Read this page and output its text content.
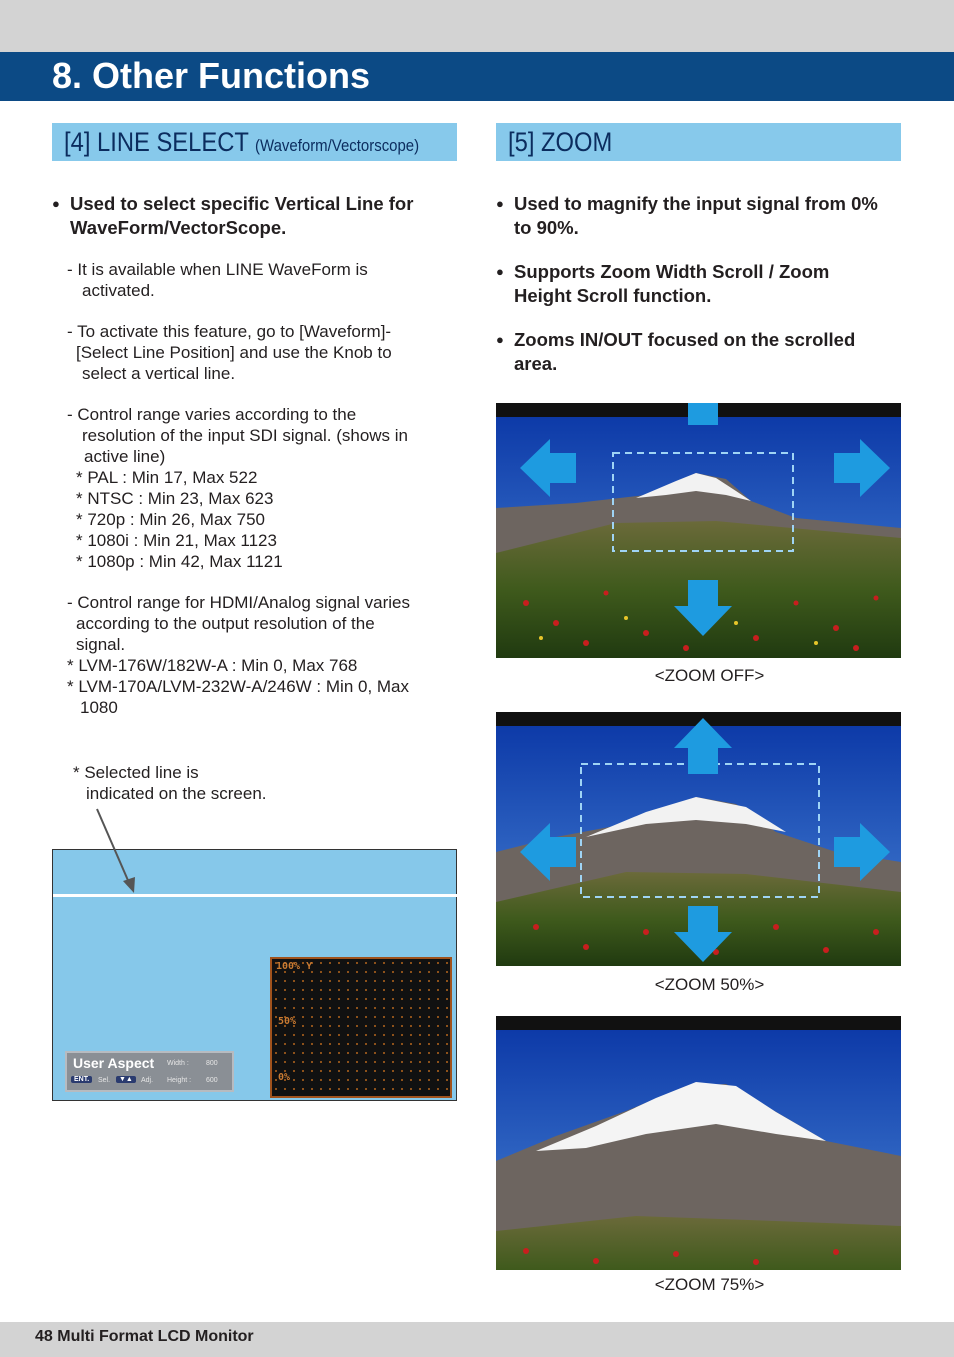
8. Other Functions
[4] LINE SELECT (Waveform/Vectorscope)	[5] ZOOM
● Used to select specific Vertical Line for
WaveForm/VectorScope.
- It is available when LINE WaveForm is
activated.
- To activate this feature, go to [Waveform]-
[Select Line Position] and use the Knob to
select a vertical line.
- Control range varies according to the
resolution of the input SDI signal. (shows in
active line)
* PAL : Min 17, Max 522
* NTSC : Min 23, Max 623
* 720p : Min 26, Max 750
* 1080i : Min 21, Max 1123
* 1080p : Min 42, Max 1121
- Control range for HDMI/Analog signal varies
according to the output resolution of the
signal.
* LVM-176W/182W-A : Min 0, Max 768
* LVM-170A/LVM-232W-A/246W : Min 0, Max
1080
* Selected line is
indicated on the screen.
User Aspect Width : 800
Height : 600
ENT.	Sel.	▼▲	Adj.
100% Y
50%
0%
● Used to magnify the input signal from 0%
to 90%.
● Supports Zoom Width Scroll / Zoom
Height Scroll function.
● Zooms IN/OUT focused on the scrolled
area.
<ZOOM OFF>
<ZOOM 50%>
<ZOOM 75%>
48 Multi Format LCD Monitor
